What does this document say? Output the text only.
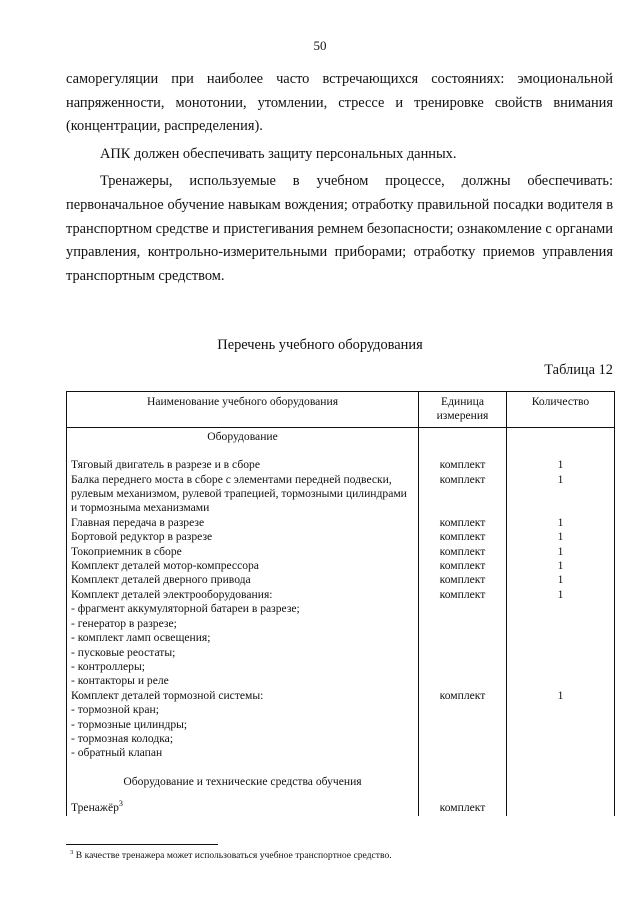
50

саморегуляции при наиболее часто встречающихся состояниях: эмоциональной напряженности, монотонии, утомлении, стрессе и тренировке свойств внимания (концентрации, распределения).

АПК должен обеспечивать защиту персональных данных.

Тренажеры, используемые в учебном процессе, должны обеспечивать: первоначальное обучение навыкам вождения; отработку правильной посадки водителя в транспортном средстве и пристегивания ремнем безопасности; ознакомление с органами управления, контрольно-измерительными приборами; отработку приемов управления транспортным средством.

Перечень учебного оборудования
Таблица 12
Наименование учебного оборудования	Единица измерения	Количество
Оборудование		
Тяговый двигатель в разрезе и в сборе	комплект	1
Балка переднего моста в сборе с элементами передней подвески, рулевым механизмом, рулевой трапецией, тормозными цилиндрами и тормозныма механизмами	комплект	1
Главная передача в разрезе	комплект	1
Бортовой редуктор в разрезе	комплект	1
Токоприемник в сборе	комплект	1
Комплект деталей мотор-компрессора	комплект	1
Комплект деталей дверного привода	комплект	1
Комплект деталей электрооборудования:	комплект	1
- фрагмент аккумуляторной батареи в разрезе;		
- генератор в разрезе;		
- комплект ламп освещения;		
- пусковые реостаты;		
- контроллеры;		
- контакторы и реле		
Комплект деталей тормозной системы:	комплект	1
- тормозной кран;		
- тормозные цилиндры;		
- тормозная колодка;		
- обратный клапан		
Оборудование и технические средства обучения		
Тренажёр$^3$	комплект	
$^3$ В качестве тренажера может использоваться учебное транспортное средство.
